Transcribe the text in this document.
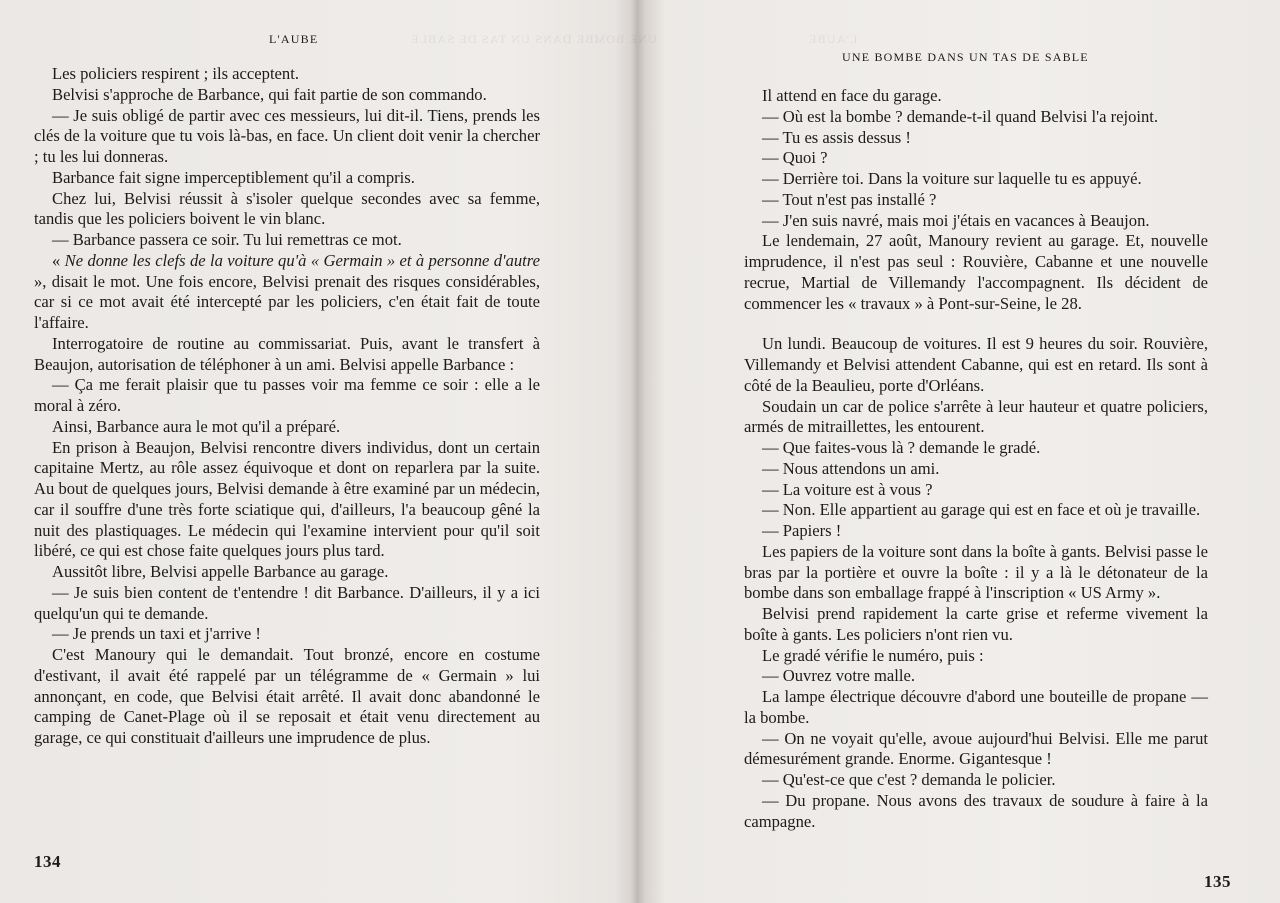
UNE BOMBE DANS UN TAS DE SABLE	L'AUBE
L'AUBE

Les policiers respirent ; ils acceptent.

Belvisi s'approche de Barbance, qui fait partie de son commando.

— Je suis obligé de partir avec ces messieurs, lui dit-il. Tiens, prends les clés de la voiture que tu vois là-bas, en face. Un client doit venir la chercher ; tu les lui donneras.

Barbance fait signe imperceptiblement qu'il a compris.

Chez lui, Belvisi réussit à s'isoler quelque secondes avec sa femme, tandis que les policiers boivent le vin blanc.

— Barbance passera ce soir. Tu lui remettras ce mot.

« Ne donne les clefs de la voiture qu'à « Germain » et à personne d'autre », disait le mot. Une fois encore, Belvisi prenait des risques considérables, car si ce mot avait été intercepté par les policiers, c'en était fait de toute l'affaire.

Interrogatoire de routine au commissariat. Puis, avant le transfert à Beaujon, autorisation de téléphoner à un ami. Belvisi appelle Barbance :

— Ça me ferait plaisir que tu passes voir ma femme ce soir : elle a le moral à zéro.

Ainsi, Barbance aura le mot qu'il a préparé.

En prison à Beaujon, Belvisi rencontre divers individus, dont un certain capitaine Mertz, au rôle assez équivoque et dont on reparlera par la suite. Au bout de quelques jours, Belvisi demande à être examiné par un médecin, car il souffre d'une très forte sciatique qui, d'ailleurs, l'a beaucoup gêné la nuit des plastiquages. Le médecin qui l'examine intervient pour qu'il soit libéré, ce qui est chose faite quelques jours plus tard.

Aussitôt libre, Belvisi appelle Barbance au garage.

— Je suis bien content de t'entendre ! dit Barbance. D'ailleurs, il y a ici quelqu'un qui te demande.

— Je prends un taxi et j'arrive !

C'est Manoury qui le demandait. Tout bronzé, encore en costume d'estivant, il avait été rappelé par un télégramme de « Germain » lui annonçant, en code, que Belvisi était arrêté. Il avait donc abandonné le camping de Canet-Plage où il se reposait et était venu directement au garage, ce qui constituait d'ailleurs une imprudence de plus.

134
UNE BOMBE DANS UN TAS DE SABLE

Il attend en face du garage.

— Où est la bombe ? demande-t-il quand Belvisi l'a rejoint.

— Tu es assis dessus !

— Quoi ?

— Derrière toi. Dans la voiture sur laquelle tu es appuyé.

— Tout n'est pas installé ?

— J'en suis navré, mais moi j'étais en vacances à Beaujon.

Le lendemain, 27 août, Manoury revient au garage. Et, nouvelle imprudence, il n'est pas seul : Rouvière, Cabanne et une nouvelle recrue, Martial de Villemandy l'accompagnent. Ils décident de commencer les « travaux » à Pont-sur-Seine, le 28.

Un lundi. Beaucoup de voitures. Il est 9 heures du soir. Rouvière, Villemandy et Belvisi attendent Cabanne, qui est en retard. Ils sont à côté de la Beaulieu, porte d'Orléans.

Soudain un car de police s'arrête à leur hauteur et quatre policiers, armés de mitraillettes, les entourent.

— Que faites-vous là ? demande le gradé.

— Nous attendons un ami.

— La voiture est à vous ?

— Non. Elle appartient au garage qui est en face et où je travaille.

— Papiers !

Les papiers de la voiture sont dans la boîte à gants. Belvisi passe le bras par la portière et ouvre la boîte : il y a là le détonateur de la bombe dans son emballage frappé à l'inscription « US Army ».

Belvisi prend rapidement la carte grise et referme vivement la boîte à gants. Les policiers n'ont rien vu.

Le gradé vérifie le numéro, puis :

— Ouvrez votre malle.

La lampe électrique découvre d'abord une bouteille de propane — la bombe.

— On ne voyait qu'elle, avoue aujourd'hui Belvisi. Elle me parut démesurément grande. Enorme. Gigantesque !

— Qu'est-ce que c'est ? demanda le policier.

— Du propane. Nous avons des travaux de soudure à faire à la campagne.

135
